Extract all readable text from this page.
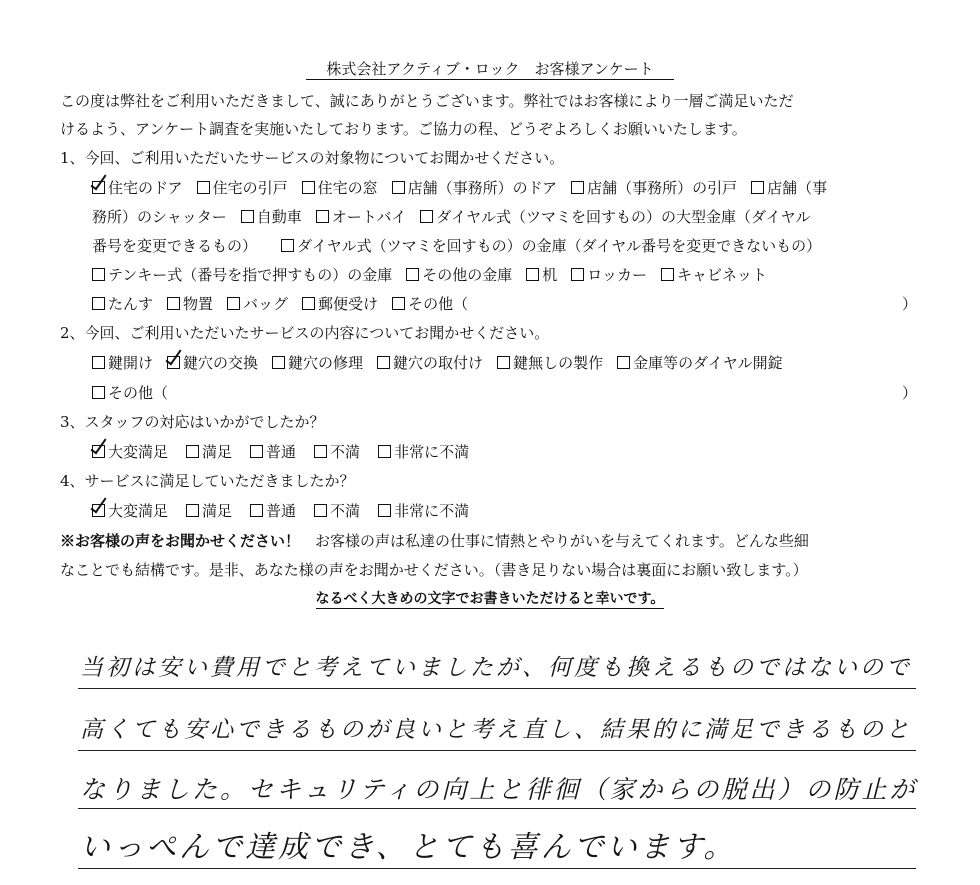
株式会社アクティブ・ロック　お客様アンケート
この度は弊社をご利用いただきまして、誠にありがとうございます。弊社ではお客様により一層ご満足いただ
けるよう、アンケート調査を実施いたしております。ご協力の程、どうぞよろしくお願いいたします。
1、今回、ご利用いただいたサービスの対象物についてお聞かせください。
住宅のドア 住宅の引戸 住宅の窓 店舗（事務所）のドア 店舗（事務所）の引戸 店舗（事
務所）のシャッター 自動車 オートバイ ダイヤル式（ツマミを回すもの）の大型金庫（ダイヤル
番号を変更できるもの）	ダイヤル式（ツマミを回すもの）の金庫（ダイヤル番号を変更できないもの）
テンキー式（番号を指で押すもの）の金庫 その他の金庫 机 ロッカー キャビネット
たんす 物置 バッグ 郵便受け その他（	）
2、今回、ご利用いただいたサービスの内容についてお聞かせください。
鍵開け 鍵穴の交換 鍵穴の修理 鍵穴の取付け 鍵無しの製作 金庫等のダイヤル開錠
その他（	）
3、スタッフの対応はいかがでしたか？
大変満足 満足 普通 不満 非常に不満
4、サービスに満足していただきましたか？
大変満足 満足 普通 不満 非常に不満
※お客様の声をお聞かせください！　お客様の声は私達の仕事に情熱とやりがいを与えてくれます。どんな些細
なことでも結構です。是非、あなた様の声をお聞かせください。（書き足りない場合は裏面にお願い致します。）
なるべく大きめの文字でお書きいただけると幸いです。
当初は安い費用でと考えていましたが、何度も換えるものではないので
高くても安心できるものが良いと考え直し、結果的に満足できるものと
なりました。セキュリティの向上と徘徊（家からの脱出）の防止が
いっぺんで達成でき、とても喜んでいます。
